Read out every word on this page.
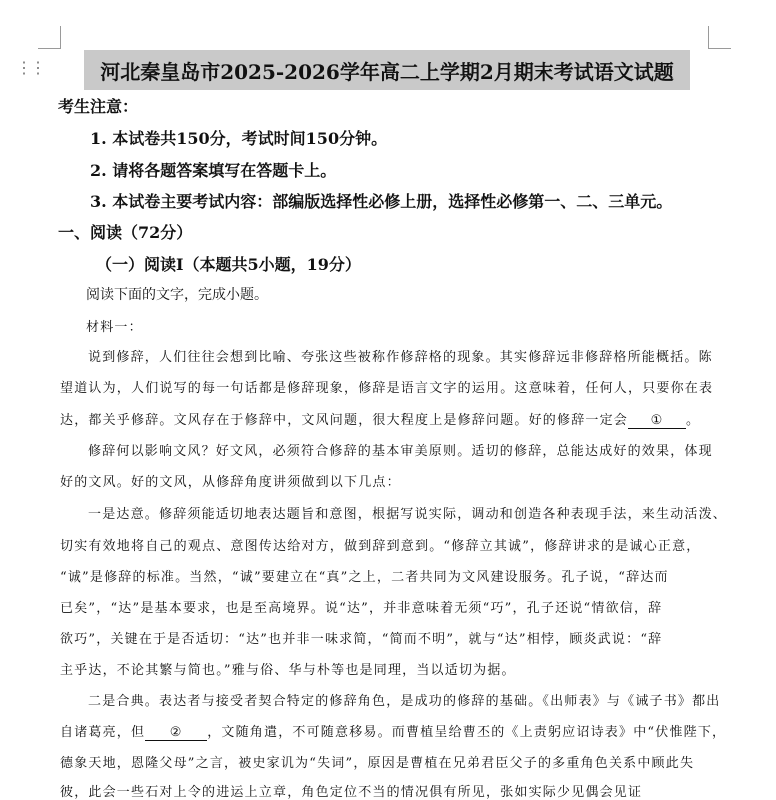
⋮⋮	河北秦皇岛市2025-2026学年高二上学期2月期末考试语文试题
考生注意：
1. 本试卷共150分，考试时间150分钟。
2. 请将各题答案填写在答题卡上。
3. 本试卷主要考试内容：部编版选择性必修上册，选择性必修第一、二、三单元。
一、阅读（72分）
（一）阅读Ⅰ（本题共5小题，19分）
阅读下面的文字，完成小题。
材料一：
说到修辞，人们往往会想到比喻、夸张这些被称作修辞格的现象。其实修辞远非修辞格所能概括。陈
望道认为，人们说写的每一句话都是修辞现象，修辞是语言文字的运用。这意味着，任何人，只要你在表
达，都关乎修辞。文风存在于修辞中，文风问题，很大程度上是修辞问题。好的修辞一定会 ① 。
修辞何以影响文风？好文风，必须符合修辞的基本审美原则。适切的修辞，总能达成好的效果，体现
好的文风。好的文风，从修辞角度讲须做到以下几点：
一是达意。修辞须能适切地表达题旨和意图，根据写说实际，调动和创造各种表现手法，来生动活泼、
切实有效地将自己的观点、意图传达给对方，做到辞到意到。“修辞立其诚”，修辞讲求的是诚心正意，
“诚”是修辞的标准。当然，“诚”要建立在“真”之上，二者共同为文风建设服务。孔子说，“辞达而
已矣”，“达”是基本要求，也是至高境界。说“达”，并非意味着无须“巧”，孔子还说“情欲信，辞
欲巧”，关键在于是否适切：“达”也并非一味求简，“简而不明”，就与“达”相悖，顾炎武说：“辞
主乎达，不论其繁与简也。”雅与俗、华与朴等也是同理，当以适切为据。
二是合典。表达者与接受者契合特定的修辞角色，是成功的修辞的基础。《出师表》与《诫子书》都出
自诸葛亮，但 ② ，文随角遣，不可随意移易。而曹植呈给曹丕的《上责躬应诏诗表》中“伏惟陛下，
德象天地，恩隆父母”之言，被史家讥为“失词”，原因是曹植在兄弟君臣父子的多重角色关系中顾此失
彼，此会一些石对上令的进运上立章，角色定位不当的情况俱有所见，张如实际少见偶会见证
